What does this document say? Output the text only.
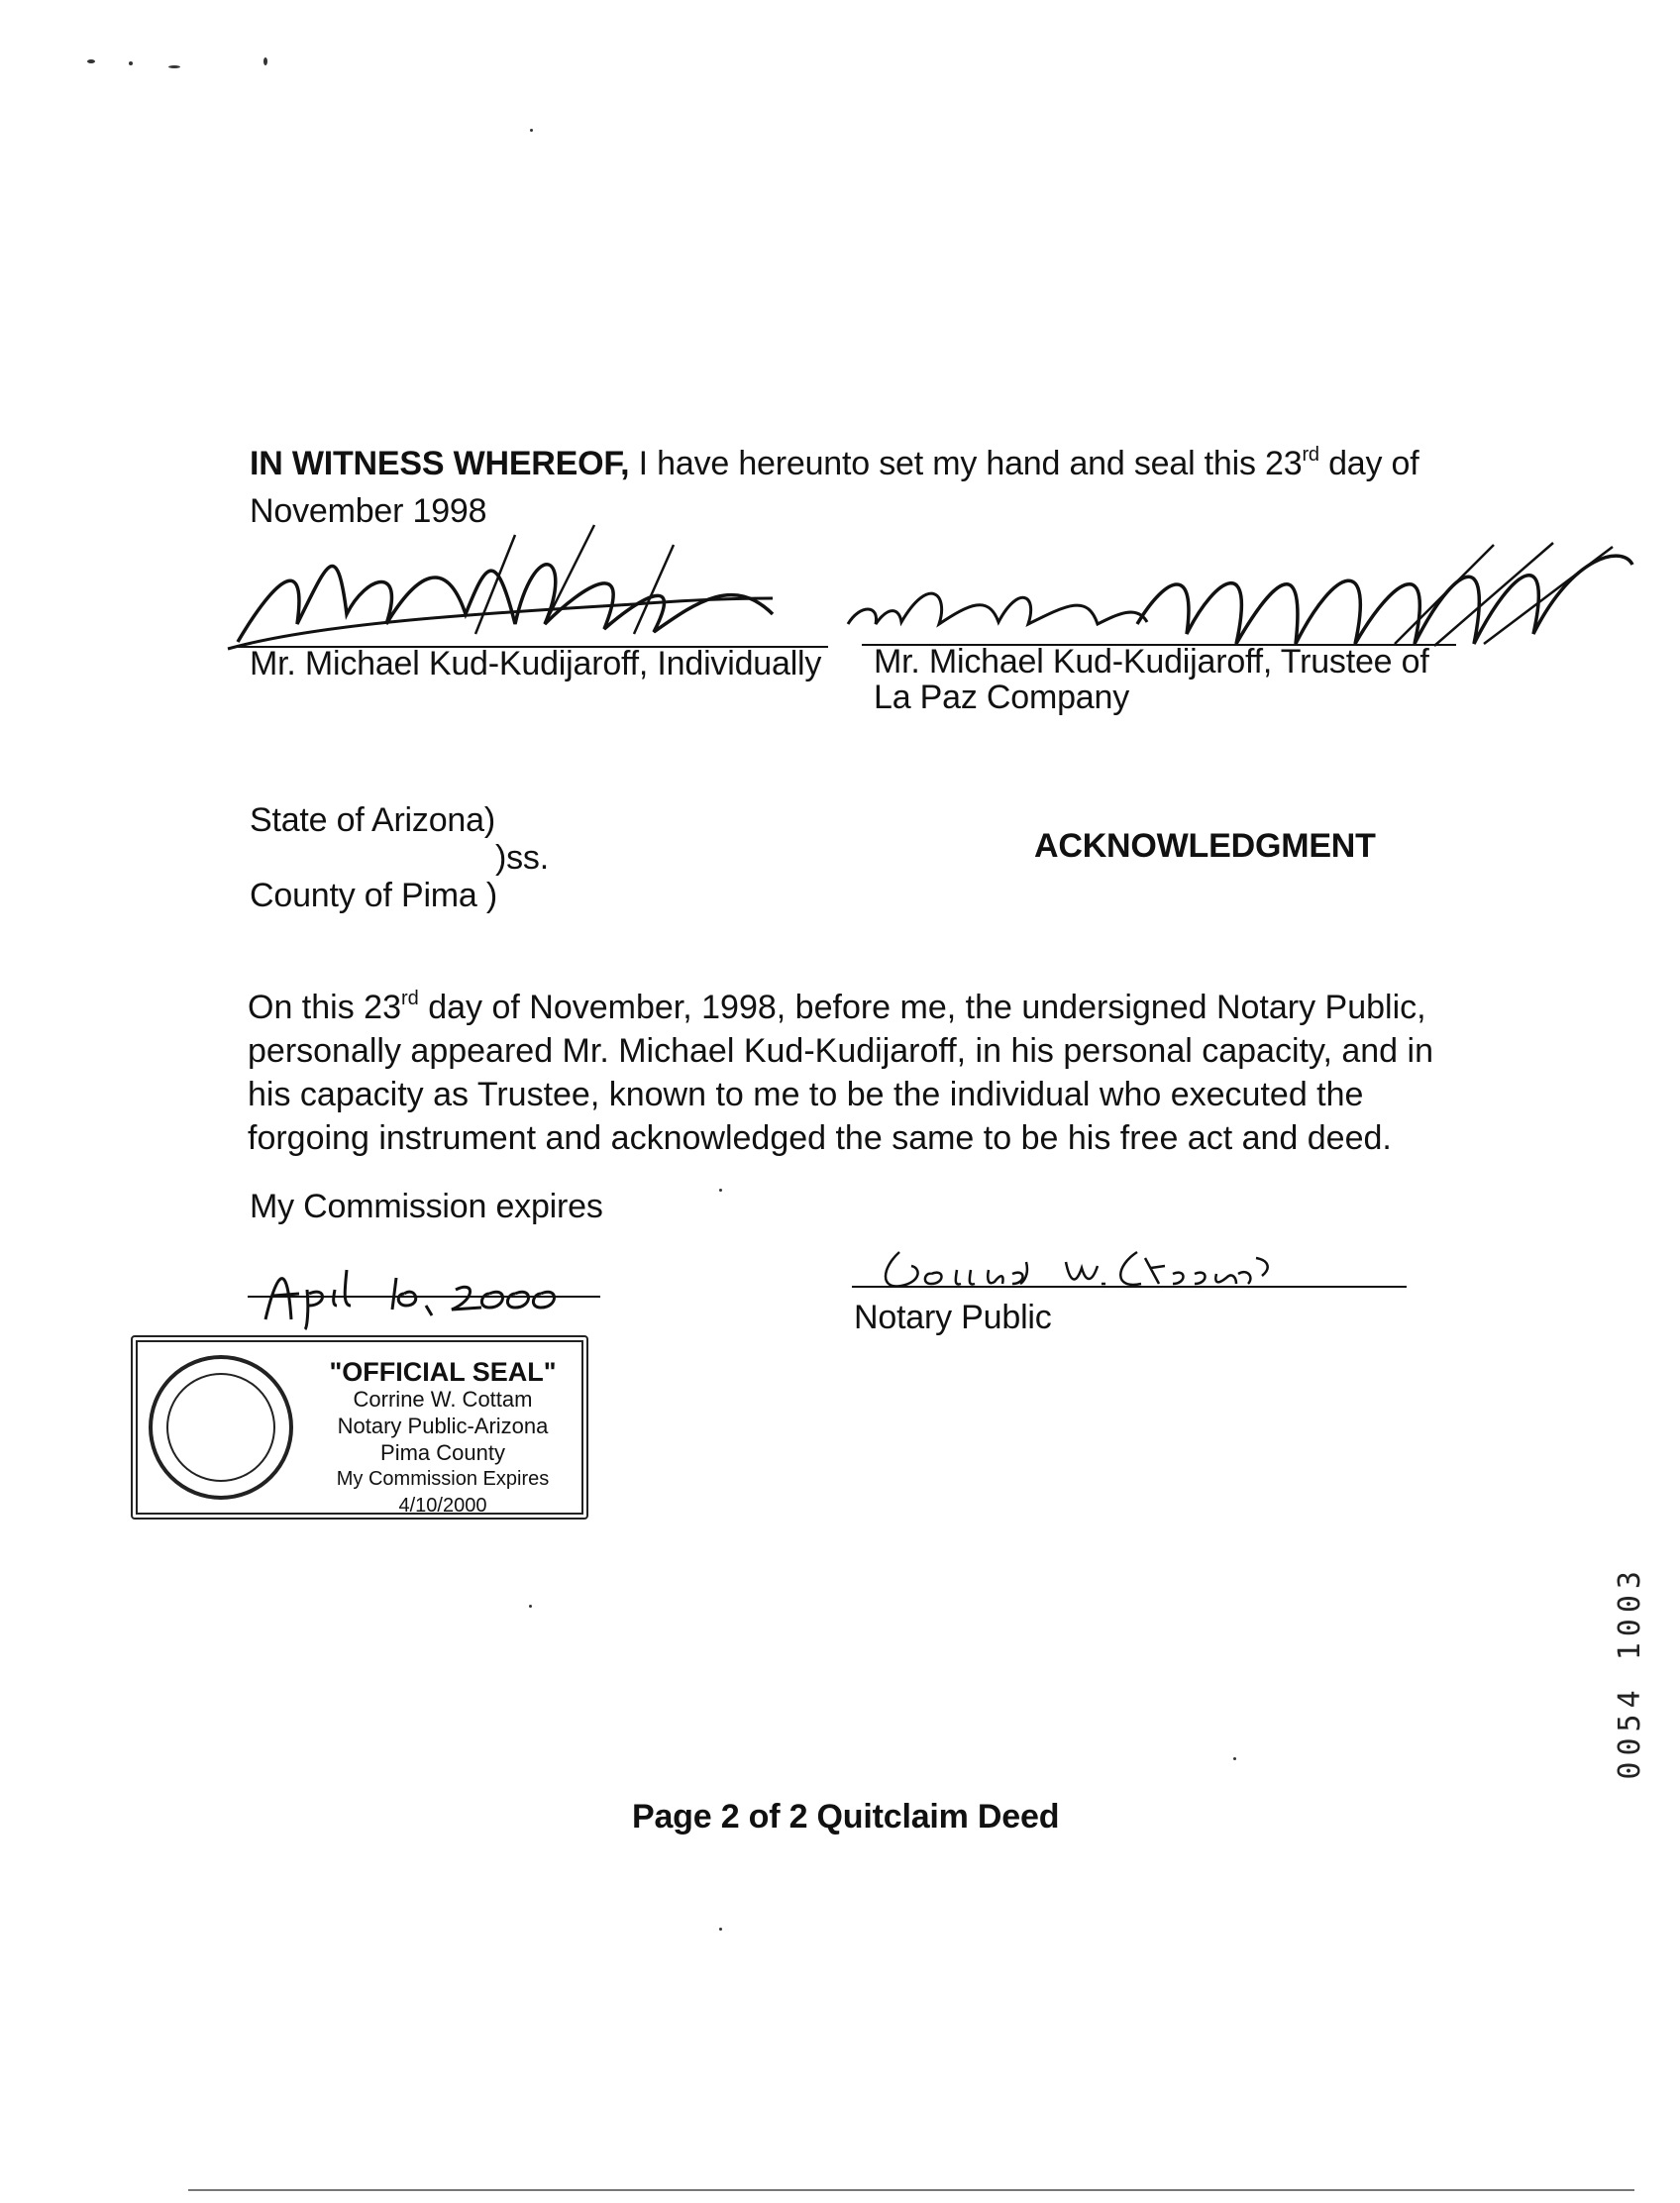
IN WITNESS WHEREOF, I have hereunto set my hand and seal this 23rd day of
November 1998
Mr. Michael Kud-Kudijaroff, Individually Mr. Michael Kud-Kudijaroff, Trustee of
La Paz Company
State of Arizona)
)ss.
County of Pima )
ACKNOWLEDGMENT
On this 23rd day of November, 1998, before me, the undersigned Notary Public,
personally appeared Mr. Michael Kud-Kudijaroff, in his personal capacity, and in
his capacity as Trustee, known to me to be the individual who executed the
forgoing instrument and acknowledged the same to be his free act and deed.
My Commission expires
Notary Public
"OFFICIAL SEAL"
Corrine W. Cottam
Notary Public-Arizona
Pima County
My Commission Expires 4/10/2000
Page 2 of 2 Quitclaim Deed
0054 1003
